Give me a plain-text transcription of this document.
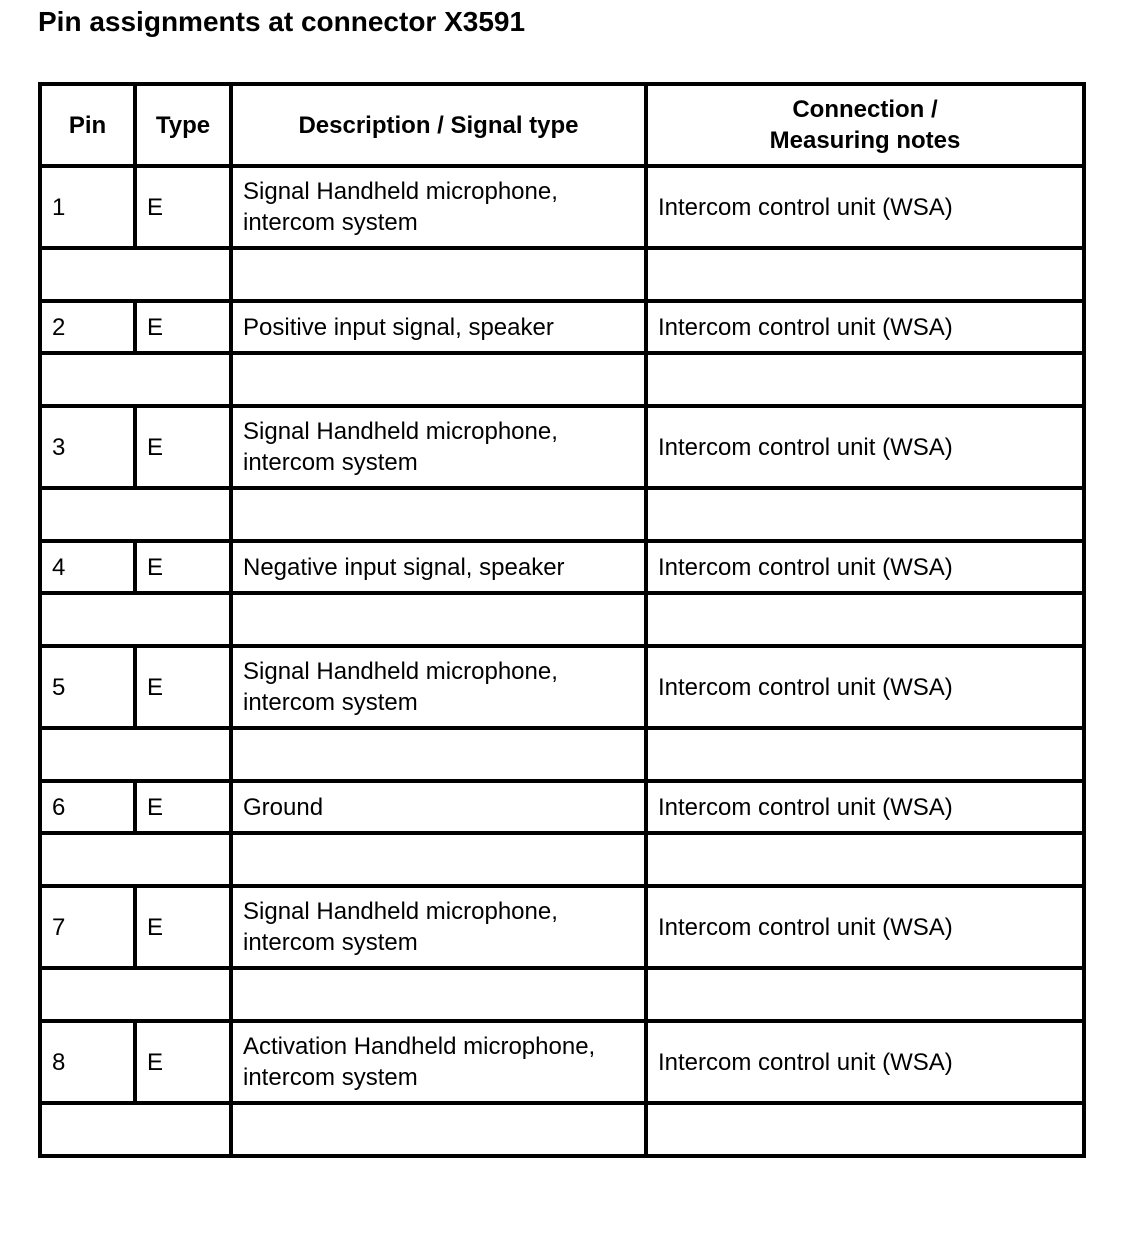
Pin assignments at connector X3591
Pin	Type	Description / Signal type	Connection /
Measuring notes
1	E	Signal Handheld microphone, intercom system	Intercom control unit (WSA)

2	E	Positive input signal, speaker	Intercom control unit (WSA)

3	E	Signal Handheld microphone, intercom system	Intercom control unit (WSA)

4	E	Negative input signal, speaker	Intercom control unit (WSA)

5	E	Signal Handheld microphone, intercom system	Intercom control unit (WSA)

6	E	Ground	Intercom control unit (WSA)

7	E	Signal Handheld microphone, intercom system	Intercom control unit (WSA)

8	E	Activation Handheld microphone, intercom system	Intercom control unit (WSA)
